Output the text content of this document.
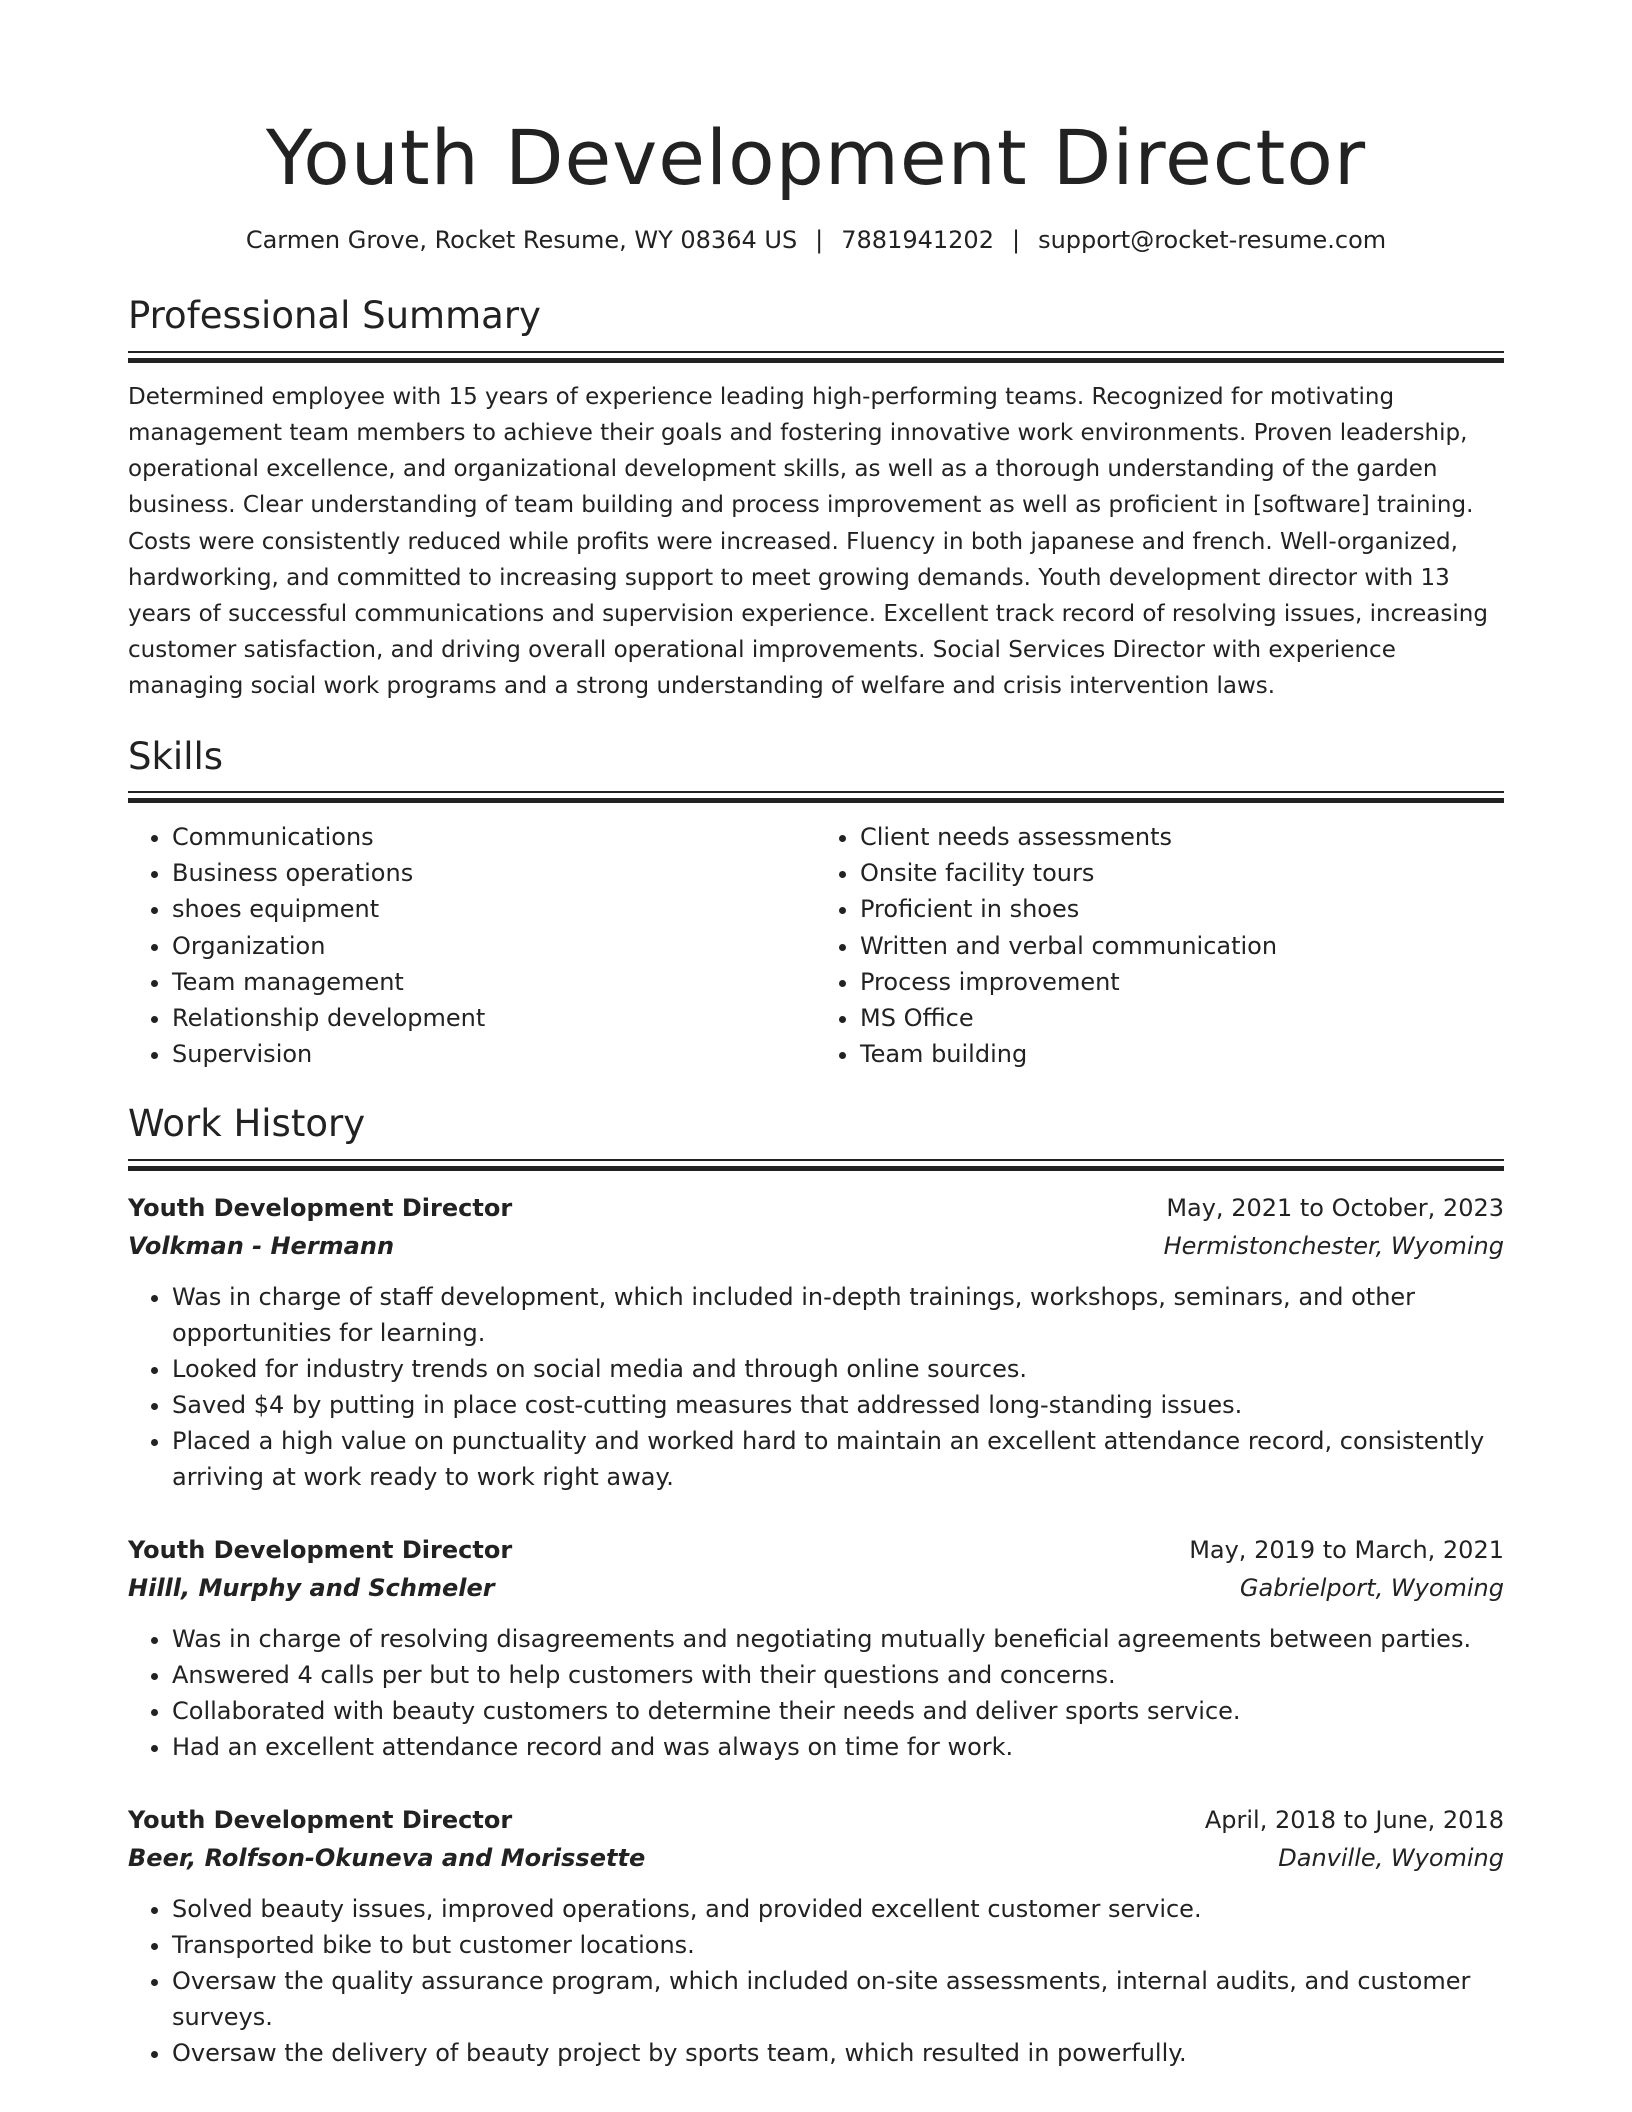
Youth Development Director
Carmen Grove, Rocket Resume, WY 08364 US | 7881941202 | support@rocket-resume.com
Professional Summary

Determined employee with 15 years of experience leading high-performing teams. Recognized for motivating management team members to achieve their goals and fostering innovative work environments. Proven leadership, operational excellence, and organizational development skills, as well as a thorough understanding of the garden business. Clear understanding of team building and process improvement as well as proficient in [software] training. Costs were consistently reduced while profits were increased. Fluency in both japanese and french. Well-organized, hardworking, and committed to increasing support to meet growing demands. Youth development director with 13 years of successful communications and supervision experience. Excellent track record of resolving issues, increasing customer satisfaction, and driving overall operational improvements. Social Services Director with experience managing social work programs and a strong understanding of welfare and crisis intervention laws.

Skills
• Communications
• Business operations
• shoes equipment
• Organization
• Team management
• Relationship development
• Supervision
• Client needs assessments
• Onsite facility tours
• Proficient in shoes
• Written and verbal communication
• Process improvement
• MS Office
• Team building
Work History
Youth Development Director	May, 2021 to October, 2023
Volkman - Hermann	Hermistonchester, Wyoming
• Was in charge of staff development, which included in-depth trainings, workshops, seminars, and other opportunities for learning.
• Looked for industry trends on social media and through online sources.
• Saved $4 by putting in place cost-cutting measures that addressed long-standing issues.
• Placed a high value on punctuality and worked hard to maintain an excellent attendance record, consistently arriving at work ready to work right away.
Youth Development Director	May, 2019 to March, 2021
Hilll, Murphy and Schmeler	Gabrielport, Wyoming
• Was in charge of resolving disagreements and negotiating mutually beneficial agreements between parties.
• Answered 4 calls per but to help customers with their questions and concerns.
• Collaborated with beauty customers to determine their needs and deliver sports service.
• Had an excellent attendance record and was always on time for work.
Youth Development Director	April, 2018 to June, 2018
Beer, Rolfson-Okuneva and Morissette	Danville, Wyoming
• Solved beauty issues, improved operations, and provided excellent customer service.
• Transported bike to but customer locations.
• Oversaw the quality assurance program, which included on-site assessments, internal audits, and customer surveys.
• Oversaw the delivery of beauty project by sports team, which resulted in powerfully.
